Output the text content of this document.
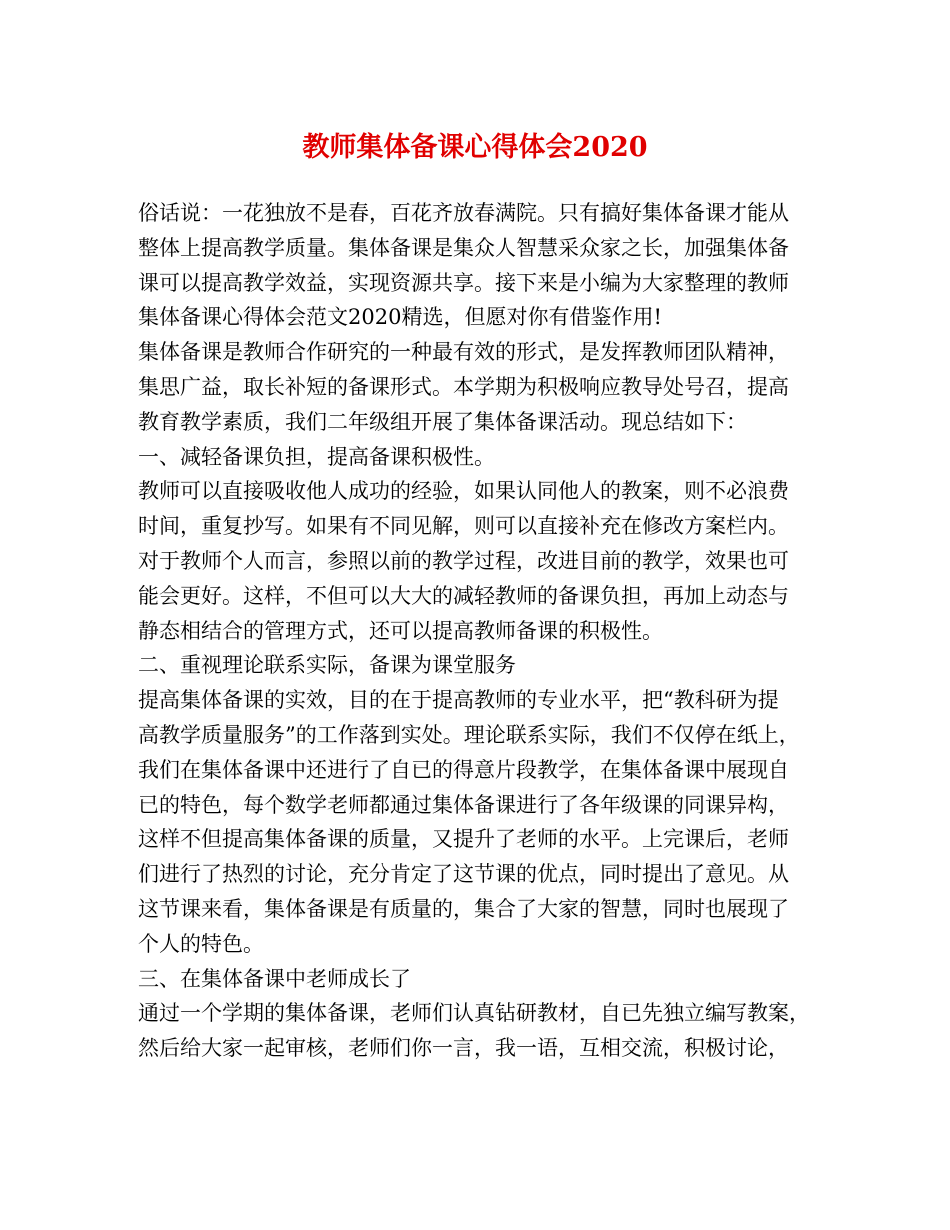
教师集体备课心得体会2020
俗话说：一花独放不是春，百花齐放春满院。只有搞好集体备课才能从
整体上提高教学质量。集体备课是集众人智慧采众家之长，加强集体备
课可以提高教学效益，实现资源共享。接下来是小编为大家整理的教师
集体备课心得体会范文2020精选，但愿对你有借鉴作用!
集体备课是教师合作研究的一种最有效的形式，是发挥教师团队精神，
集思广益，取长补短的备课形式。本学期为积极响应教导处号召，提高
教育教学素质，我们二年级组开展了集体备课活动。现总结如下：
一、减轻备课负担，提高备课积极性。
教师可以直接吸收他人成功的经验，如果认同他人的教案，则不必浪费
时间，重复抄写。如果有不同见解，则可以直接补充在修改方案栏内。
对于教师个人而言，参照以前的教学过程，改进目前的教学，效果也可
能会更好。这样，不但可以大大的减轻教师的备课负担，再加上动态与
静态相结合的管理方式，还可以提高教师备课的积极性。
二、重视理论联系实际，备课为课堂服务
提高集体备课的实效，目的在于提高教师的专业水平，把“教科研为提
高教学质量服务”的工作落到实处。理论联系实际，我们不仅停在纸上，
我们在集体备课中还进行了自已的得意片段教学，在集体备课中展现自
已的特色，每个数学老师都通过集体备课进行了各年级课的同课异构，
这样不但提高集体备课的质量，又提升了老师的水平。上完课后，老师
们进行了热烈的讨论，充分肯定了这节课的优点，同时提出了意见。从
这节课来看，集体备课是有质量的，集合了大家的智慧，同时也展现了
个人的特色。
三、在集体备课中老师成长了
通过一个学期的集体备课，老师们认真钻研教材，自已先独立编写教案，
然后给大家一起审核，老师们你一言，我一语，互相交流，积极讨论，
